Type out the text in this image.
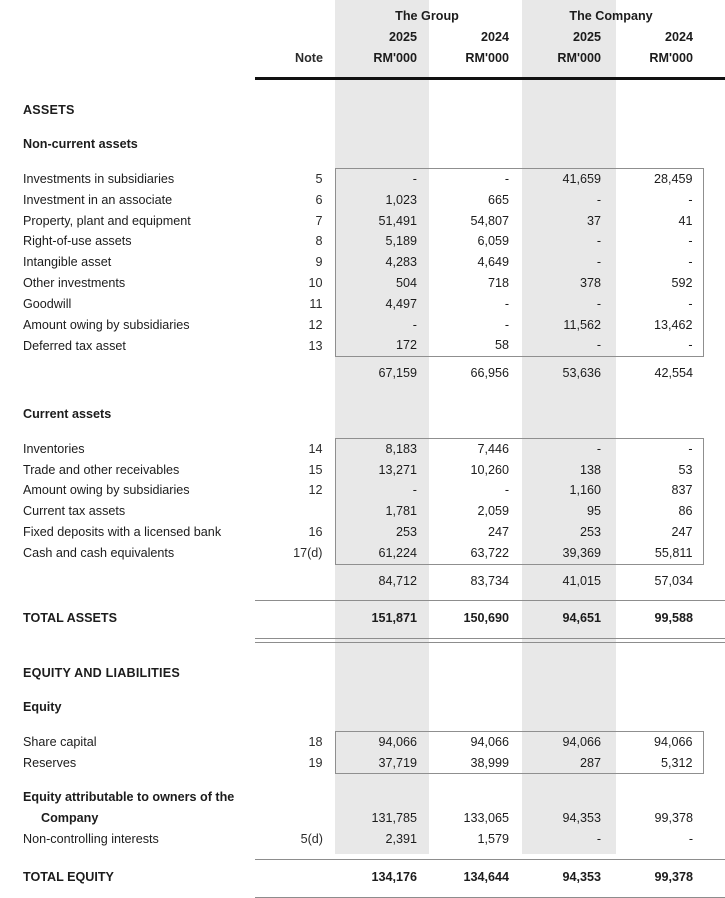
		The Group		The Company		
		2025	2024	2025	2024	
	Note	RM'000	RM'000	RM'000	RM'000	

ASSETS						

Non-current assets						

Investments in subsidiaries	5	-	-	41,659	28,459	
Investment in an associate	6	1,023	665	-	-	
Property, plant and equipment	7	51,491	54,807	37	41	
Right-of-use assets	8	5,189	6,059	-	-	
Intangible asset	9	4,283	4,649	-	-	
Other investments	10	504	718	378	592	
Goodwill	11	4,497	-	-	-	
Amount owing by subsidiaries	12	-	-	11,562	13,462	
Deferred tax asset	13	172	58	-	-	
		67,159	66,956	53,636	42,554	

Current assets						

Inventories	14	8,183	7,446	-	-	
Trade and other receivables	15	13,271	10,260	138	53	
Amount owing by subsidiaries	12	-	-	1,160	837	
Current tax assets		1,781	2,059	95	86	
Fixed deposits with a licensed bank	16	253	247	253	247	
Cash and cash equivalents	17(d)	61,224	63,722	39,369	55,811	
		84,712	83,734	41,015	57,034	

TOTAL ASSETS		151,871	150,690	94,651	99,588	

EQUITY AND LIABILITIES						

Equity						

Share capital	18	94,066	94,066	94,066	94,066	
Reserves	19	37,719	38,999	287	5,312	

Equity attributable to owners of the						
Company		131,785	133,065	94,353	99,378	
Non-controlling interests	5(d)	2,391	1,579	-	-	

TOTAL EQUITY		134,176	134,644	94,353	99,378	
